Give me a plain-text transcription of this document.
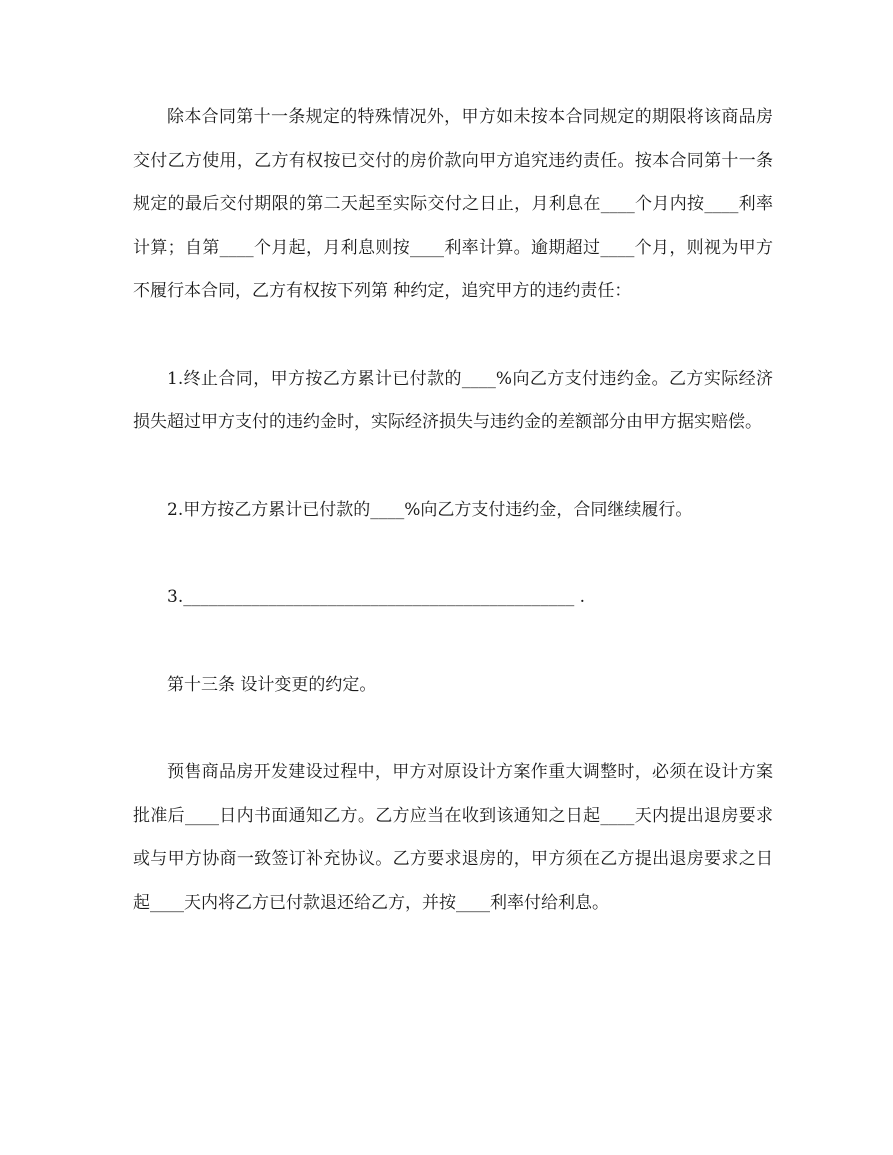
除本合同第十一条规定的特殊情况外，甲方如未按本合同规定的期限将该商品房交付乙方使用，乙方有权按已交付的房价款向甲方追究违约责任。按本合同第十一条规定的最后交付期限的第二天起至实际交付之日止，月利息在____个月内按____利率计算；自第____个月起，月利息则按____利率计算。逾期超过____个月，则视为甲方不履行本合同，乙方有权按下列第 种约定，追究甲方的违约责任：

1.终止合同，甲方按乙方累计已付款的____%向乙方支付违约金。乙方实际经济损失超过甲方支付的违约金时，实际经济损失与违约金的差额部分由甲方据实赔偿。

2.甲方按乙方累计已付款的____%向乙方支付违约金，合同继续履行。

3.______________________________________________ .

第十三条 设计变更的约定。

预售商品房开发建设过程中，甲方对原设计方案作重大调整时，必须在设计方案批准后____日内书面通知乙方。乙方应当在收到该通知之日起____天内提出退房要求或与甲方协商一致签订补充协议。乙方要求退房的，甲方须在乙方提出退房要求之日起____天内将乙方已付款退还给乙方，并按____利率付给利息。
